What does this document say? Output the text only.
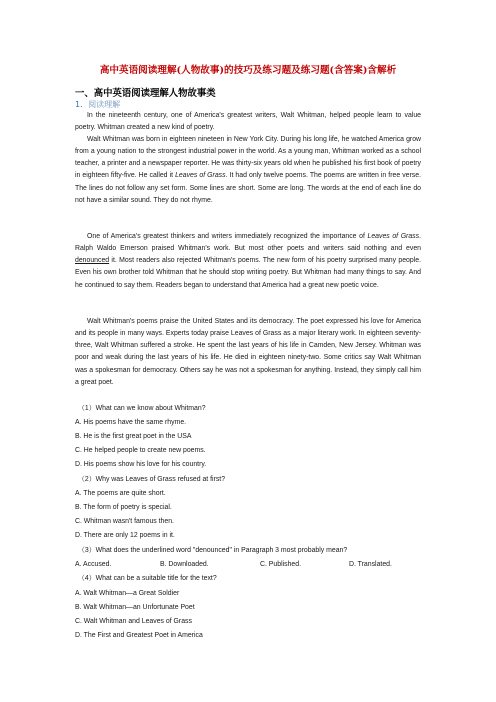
高中英语阅读理解(人物故事)的技巧及练习题及练习题(含答案)含解析
一、高中英语阅读理解人物故事类
1．阅读理解

In the nineteenth century, one of America's greatest writers, Walt Whitman, helped people learn to value poetry. Whitman created a new kind of poetry.

Walt Whitman was born in eighteen nineteen in New York City. During his long life, he watched America grow from a young nation to the strongest industrial power in the world. As a young man, Whitman worked as a school teacher, a printer and a newspaper reporter. He was thirty-six years old when he published his first book of poetry in eighteen fifty-five. He called it Leaves of Grass. It had only twelve poems. The poems are written in free verse. The lines do not follow any set form. Some lines are short. Some are long. The words at the end of each line do not have a similar sound. They do not rhyme.

One of America's greatest thinkers and writers immediately recognized the importance of Leaves of Grass. Ralph Waldo Emerson praised Whitman's work. But most other poets and writers said nothing and even denounced it. Most readers also rejected Whitman's poems. The new form of his poetry surprised many people. Even his own brother told Whitman that he should stop writing poetry. But Whitman had many things to say. And he continued to say them. Readers began to understand that America had a great new poetic voice.

Walt Whitman's poems praise the United States and its democracy. The poet expressed his love for America and its people in many ways. Experts today praise Leaves of Grass as a major literary work. In eighteen seventy-three, Walt Whitman suffered a stroke. He spent the last years of his life in Camden, New Jersey. Whitman was poor and weak during the last years of his life. He died in eighteen ninety-two. Some critics say Walt Whitman was a spokesman for democracy. Others say he was not a spokesman for anything. Instead, they simply call him a great poet.

（1）What can we know about Whitman?
A. His poems have the same rhyme.
B. He is the first great poet in the USA
C. He helped people to create new poems.
D. His poems show his love for his country.
（2）Why was Leaves of Grass refused at first?
A. The poems are quite short.
B. The form of poetry is special.
C. Whitman wasn't famous then.
D. There are only 12 poems in it.
（3）What does the underlined word "denounced" in Paragraph 3 most probably mean?
A. Accused.	B. Downloaded.	C. Published.	D. Translated.
（4）What can be a suitable title for the text?
A. Walt Whitman—a Great Soldier
B. Walt Whitman—an Unfortunate Poet
C. Walt Whitman and Leaves of Grass
D. The First and Greatest Poet in America
